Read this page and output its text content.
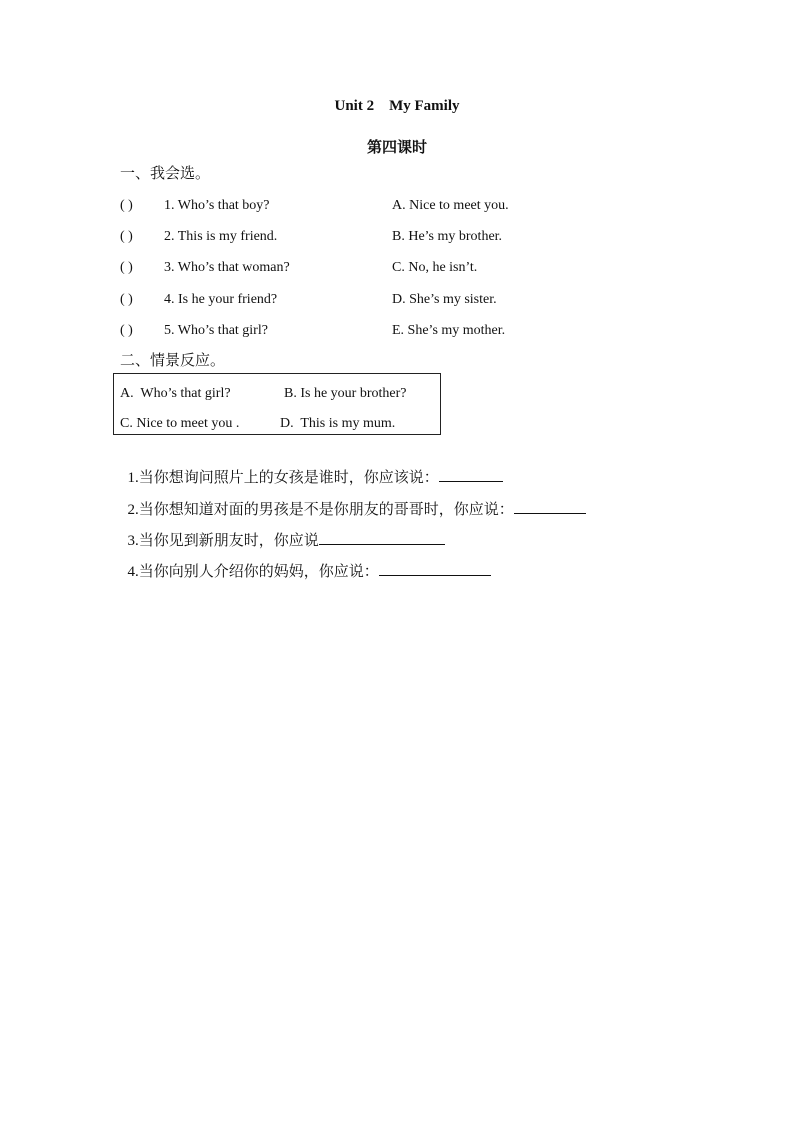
Unit 2    My Family
第四课时
一、我会选。
( ) 1. Who’s that boy?	A. Nice to meet you.
( ) 2. This is my friend.	B. He’s my brother.
( ) 3. Who’s that woman?	C. No, he isn’t.
( ) 4. Is he your friend?	D. She’s my sister.
( ) 5. Who’s that girl?	E. She’s my mother.
二、情景反应。
A.  Who’s that girl?	B. Is he your brother?
C. Nice to meet you .	D.  This is my mum.

1.当你想询问照片上的女孩是谁时，你应该说：

2.当你想知道对面的男孩是不是你朋友的哥哥时，你应说：

3.当你见到新朋友时，你应说

4.当你向别人介绍你的妈妈，你应说：
